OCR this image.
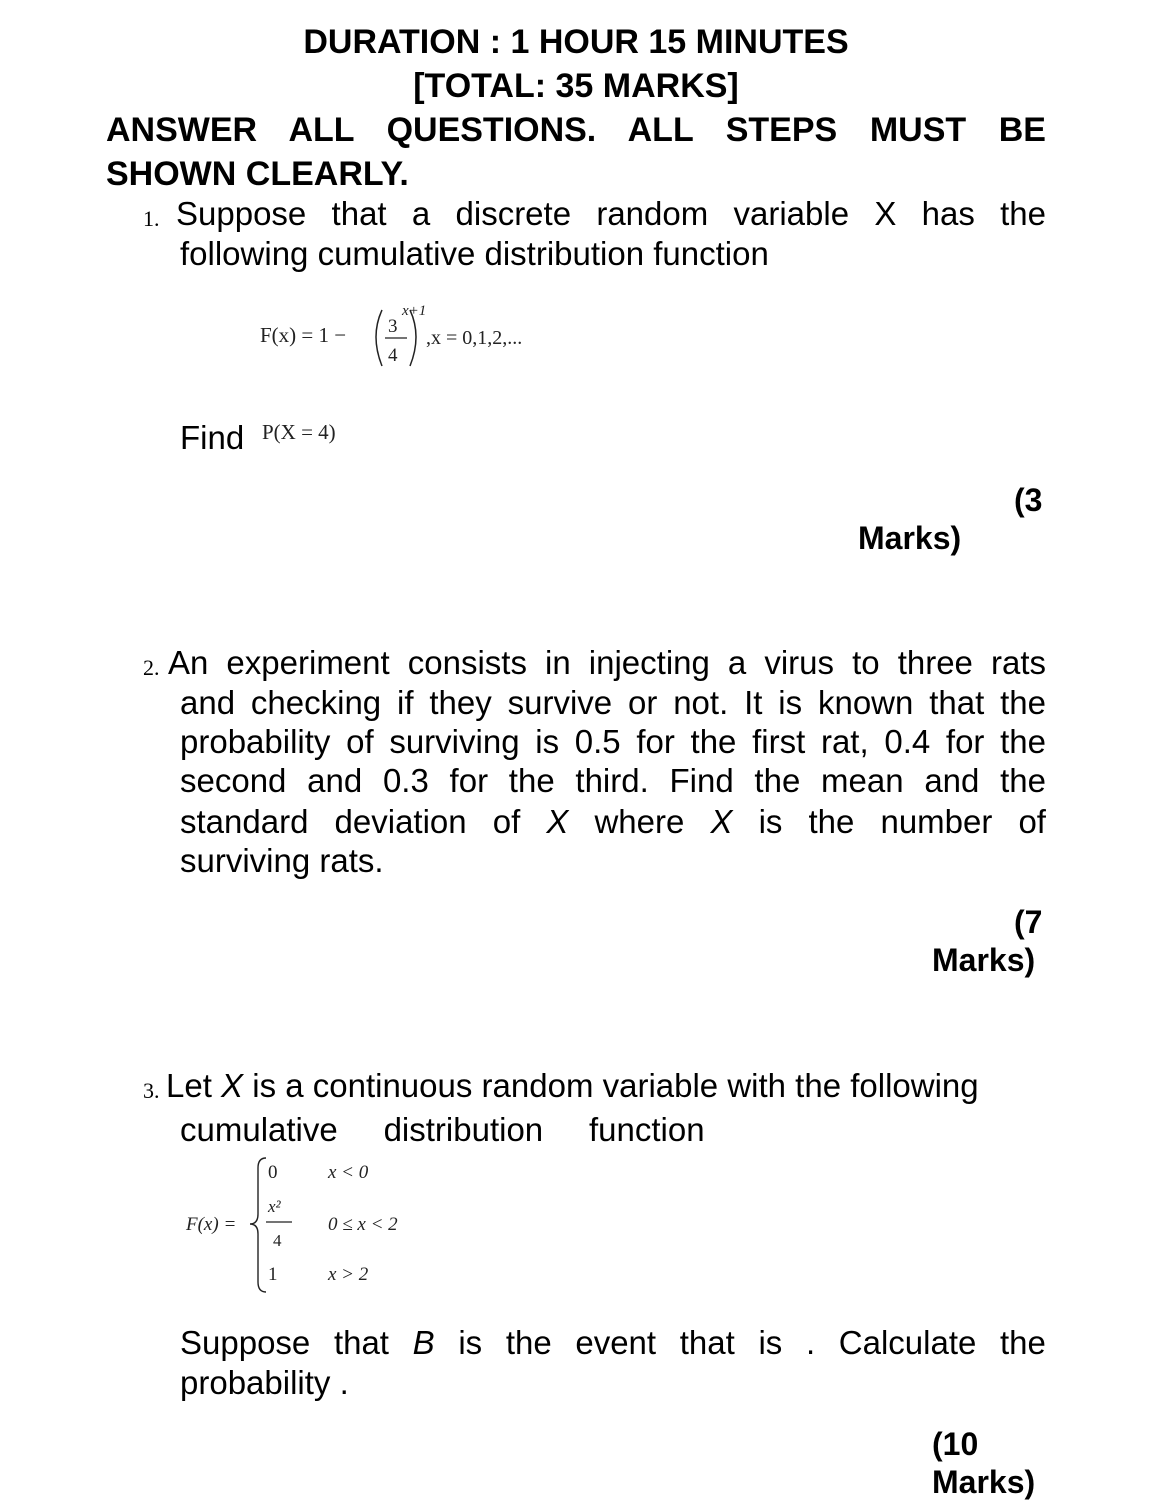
DURATION : 1 HOUR 15 MINUTES
[TOTAL: 35 MARKS]
ANSWER ALL QUESTIONS. ALL STEPS MUST BE
SHOWN CLEARLY.
1. Suppose that a discrete random variable X has the
following cumulative distribution function
F(x) = 1 − 3
4
x+1
,x = 0,1,2,...
Find P(X = 4)
(3
Marks)
2. An experiment consists in injecting a virus to three rats
and checking if they survive or not. It is known that the
probability of surviving is 0.5 for the first rat, 0.4 for the
second and 0.3 for the third. Find the mean and the
standard deviation of X where X is the number of
surviving rats.
(7
Marks)
3. Let X is a continuous random variable with the following
cumulative     distribution     function
F(x) =
0	x < 0
x²
4
0 ≤ x < 2
1	x > 2
Suppose that B is the event that is . Calculate the
probability .
(10
Marks)
